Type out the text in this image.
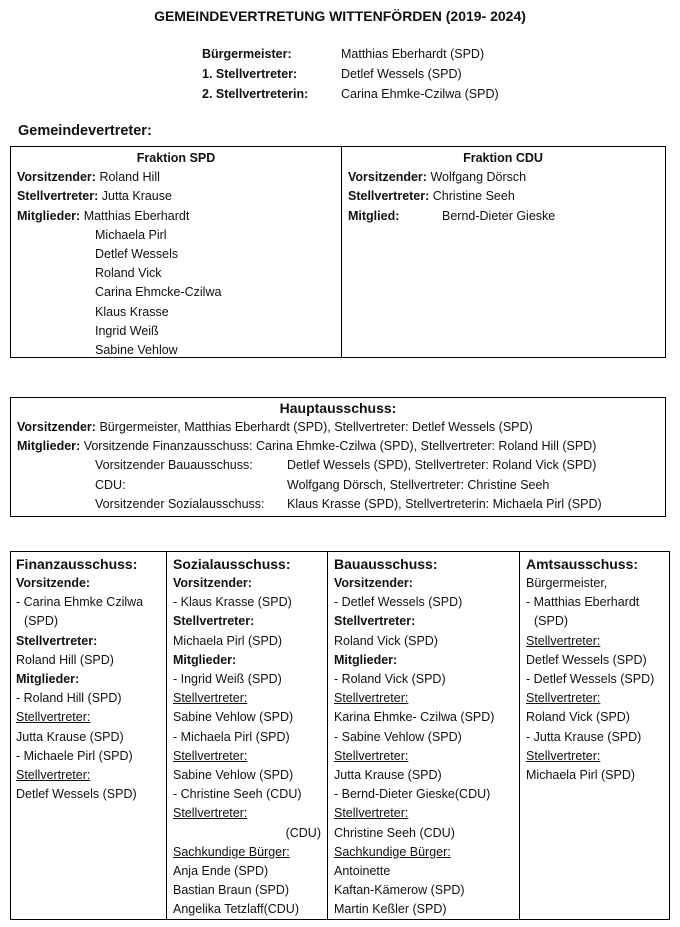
GEMEINDEVERTRETUNG WITTENFÖRDEN (2019- 2024)
Bürgermeister:	Matthias Eberhardt (SPD)
1. Stellvertreter:	Detlef Wessels (SPD)
2. Stellvertreterin:	Carina Ehmke-Czilwa (SPD)
Gemeindevertreter:
Fraktion SPD
Vorsitzender: Roland Hill
Stellvertreter: Jutta Krause
Mitglieder: Matthias Eberhardt
Michaela Pirl
Detlef Wessels
Roland Vick
Carina Ehmcke-Czilwa
Klaus Krasse
Ingrid Weiß
Sabine Vehlow
Fraktion CDU
Vorsitzender: Wolfgang Dörsch
Stellvertreter: Christine Seeh
Mitglied:	Bernd-Dieter Gieske
Hauptausschuss:
Vorsitzender: Bürgermeister, Matthias Eberhardt (SPD), Stellvertreter: Detlef Wessels (SPD)
Mitglieder: Vorsitzende Finanzausschuss: Carina Ehmke-Czilwa (SPD), Stellvertreter: Roland Hill (SPD)
Vorsitzender Bauausschuss:	Detlef Wessels (SPD), Stellvertreter: Roland Vick (SPD)
CDU:	Wolfgang Dörsch, Stellvertreter: Christine Seeh
Vorsitzender Sozialausschuss:	Klaus Krasse (SPD), Stellvertreterin: Michaela Pirl (SPD)
Finanzausschuss:
Vorsitzende:
- Carina Ehmke Czilwa
(SPD)
Stellvertreter:
Roland Hill (SPD)
Mitglieder:
- Roland Hill (SPD)
Stellvertreter:
Jutta Krause (SPD)
- Michaele Pirl (SPD)
Stellvertreter:
Detlef Wessels (SPD)
Sozialausschuss:
Vorsitzender:
- Klaus Krasse (SPD)
Stellvertreter:
Michaela Pirl (SPD)
Mitglieder:
- Ingrid Weiß (SPD)
Stellvertreter:
Sabine Vehlow (SPD)
- Michaela Pirl (SPD)
Stellvertreter:
Sabine Vehlow (SPD)
- Christine Seeh (CDU)
Stellvertreter:
(CDU)
Sachkundige Bürger:
Anja Ende (SPD)
Bastian Braun (SPD)
Angelika Tetzlaff(CDU)
Bauausschuss:
Vorsitzender:
- Detlef Wessels (SPD)
Stellvertreter:
Roland Vick (SPD)
Mitglieder:
- Roland Vick (SPD)
Stellvertreter:
Karina Ehmke- Czilwa (SPD)
- Sabine Vehlow (SPD)
Stellvertreter:
Jutta Krause (SPD)
- Bernd-Dieter Gieske(CDU)
Stellvertreter:
Christine Seeh (CDU)
Sachkundige Bürger:
Antoinette
Kaftan-Kämerow (SPD)
Martin Keßler (SPD)
Amtsausschuss:
Bürgermeister,
- Matthias Eberhardt
(SPD)
Stellvertreter:
Detlef Wessels (SPD)
- Detlef Wessels (SPD)
Stellvertreter:
Roland Vick (SPD)
- Jutta Krause (SPD)
Stellvertreter:
Michaela Pirl (SPD)
